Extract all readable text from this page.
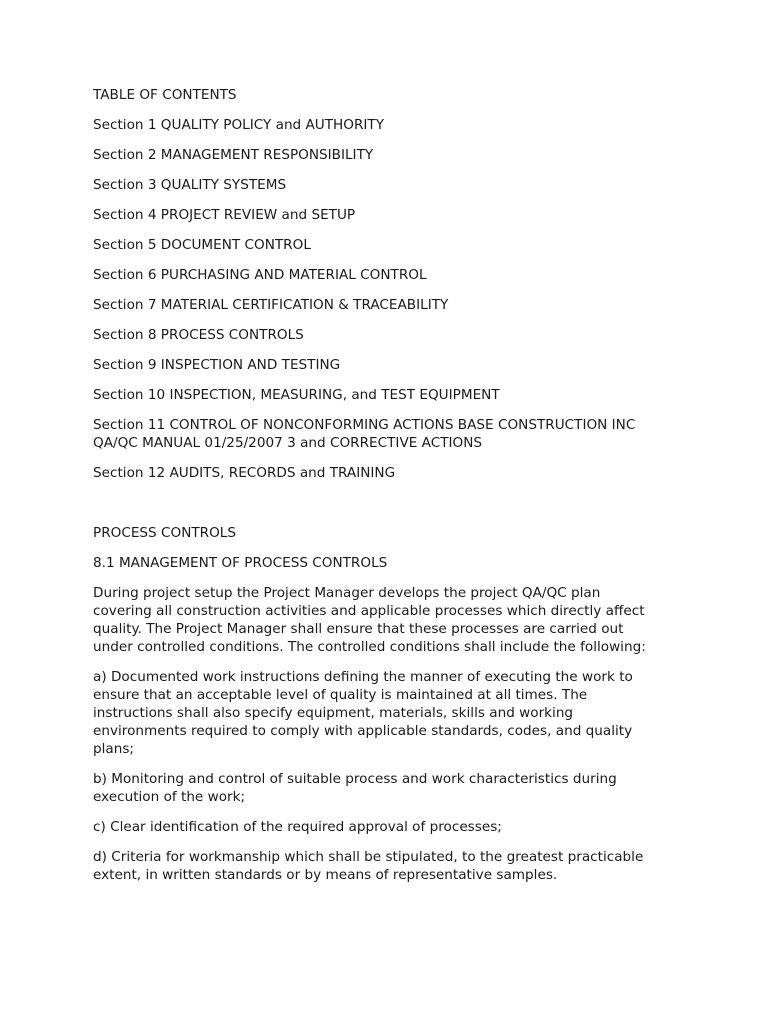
TABLE OF CONTENTS

Section 1 QUALITY POLICY and AUTHORITY
Section 2 MANAGEMENT RESPONSIBILITY
Section 3 QUALITY SYSTEMS
Section 4 PROJECT REVIEW and SETUP
Section 5 DOCUMENT CONTROL
Section 6 PURCHASING AND MATERIAL CONTROL
Section 7 MATERIAL CERTIFICATION & TRACEABILITY
Section 8 PROCESS CONTROLS
Section 9 INSPECTION AND TESTING
Section 10 INSPECTION, MEASURING, and TEST EQUIPMENT
Section 11 CONTROL OF NONCONFORMING ACTIONS BASE CONSTRUCTION INC
QA/QC MANUAL 01/25/2007 3 and CORRECTIVE ACTIONS
Section 12 AUDITS, RECORDS and TRAINING

PROCESS CONTROLS

8.1 MANAGEMENT OF PROCESS CONTROLS

During project setup the Project Manager develops the project QA/QC plan
covering all construction activities and applicable processes which directly affect
quality. The Project Manager shall ensure that these processes are carried out
under controlled conditions. The controlled conditions shall include the following:
a) Documented work instructions defining the manner of executing the work to
ensure that an acceptable level of quality is maintained at all times. The
instructions shall also specify equipment, materials, skills and working
environments required to comply with applicable standards, codes, and quality
plans;
b) Monitoring and control of suitable process and work characteristics during
execution of the work;
c) Clear identification of the required approval of processes;
d) Criteria for workmanship which shall be stipulated, to the greatest practicable
extent, in written standards or by means of representative samples.
